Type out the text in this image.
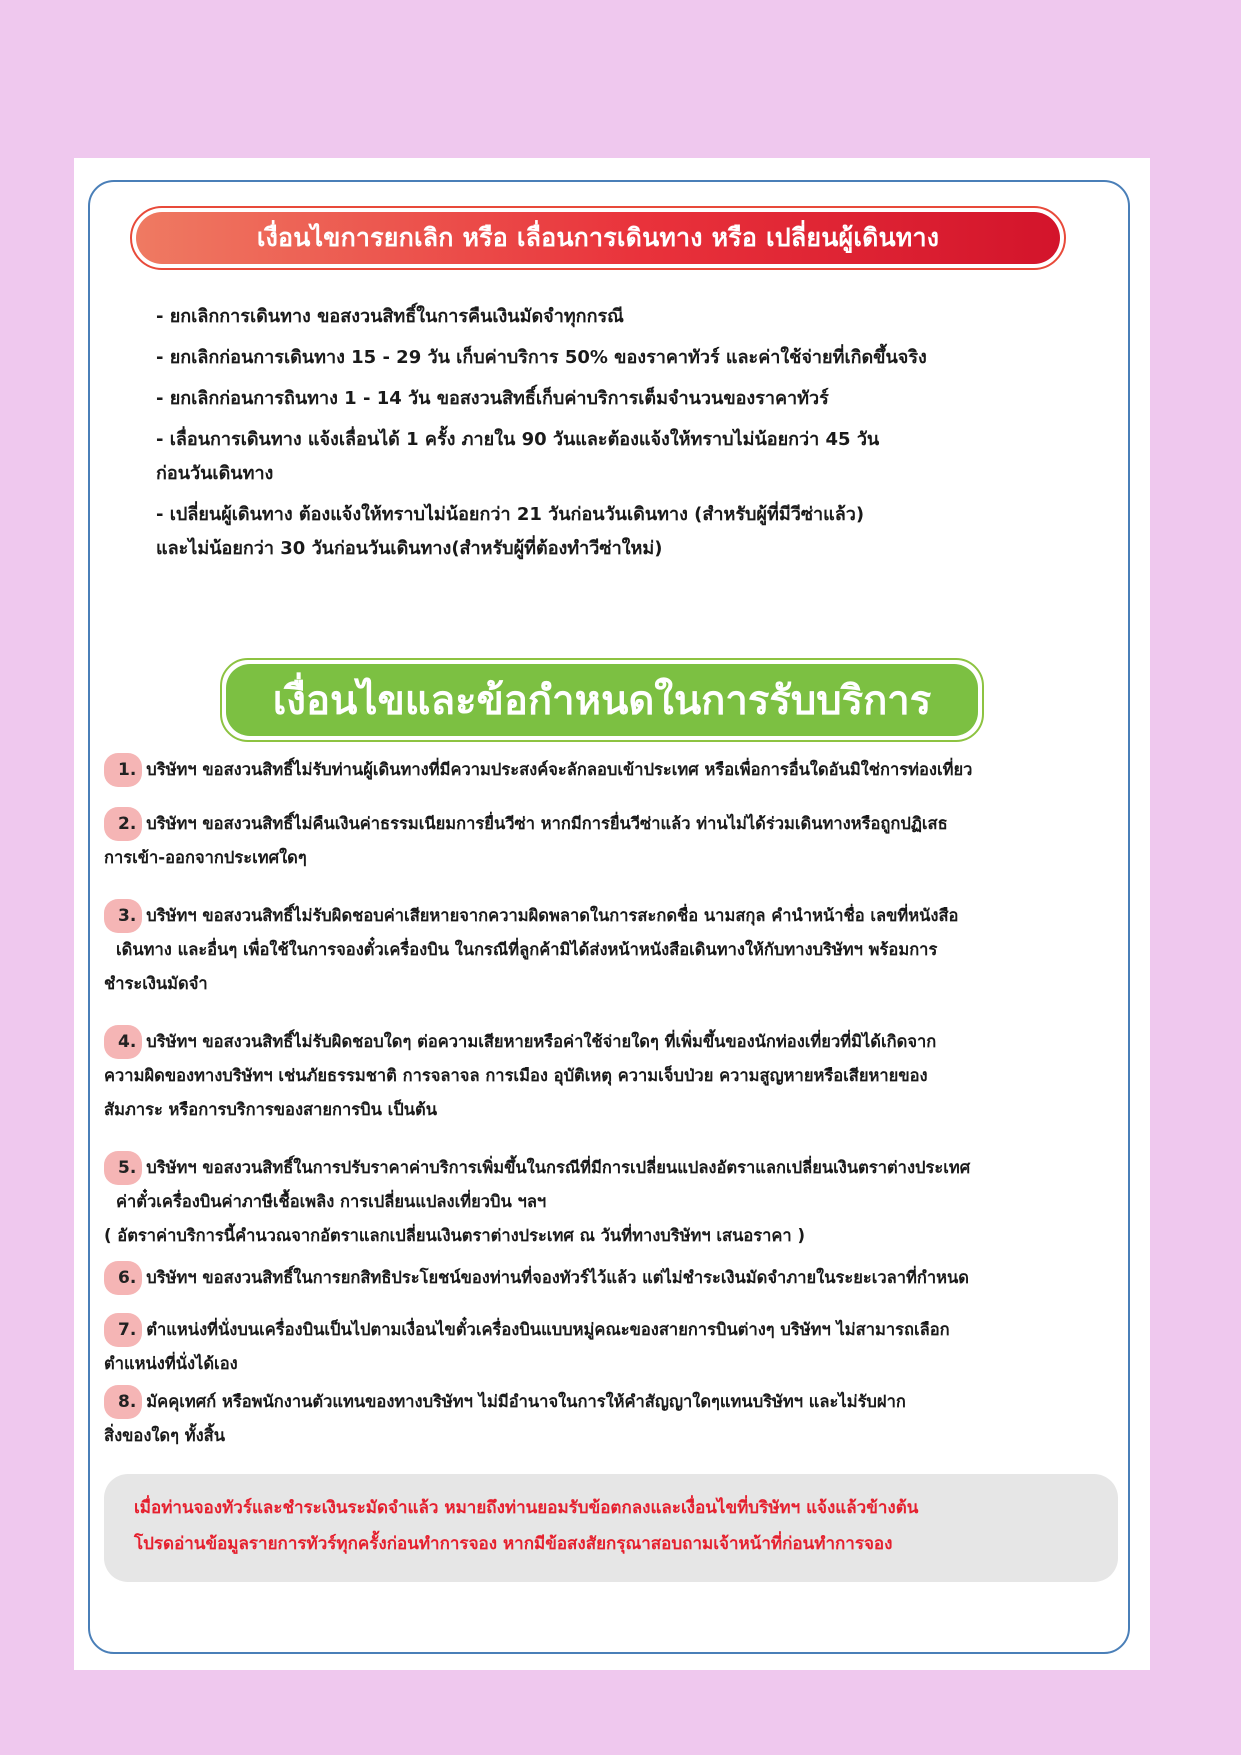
เงื่อนไขการยกเลิก หรือ เลื่อนการเดินทาง หรือ เปลี่ยนผู้เดินทาง
- ยกเลิกการเดินทาง ขอสงวนสิทธิ์ในการคืนเงินมัดจำทุกกรณี
- ยกเลิกก่อนการเดินทาง 15 - 29 วัน เก็บค่าบริการ 50% ของราคาทัวร์ และค่าใช้จ่ายที่เกิดขึ้นจริง
- ยกเลิกก่อนการถินทาง 1 - 14 วัน ขอสงวนสิทธิ์เก็บค่าบริการเต็มจำนวนของราคาทัวร์
- เลื่อนการเดินทาง แจ้งเลื่อนได้ 1 ครั้ง ภายใน 90 วันและต้องแจ้งให้ทราบไม่น้อยกว่า 45 วัน
ก่อนวันเดินทาง
- เปลี่ยนผู้เดินทาง ต้องแจ้งให้ทราบไม่น้อยกว่า 21 วันก่อนวันเดินทาง (สำหรับผู้ที่มีวีซ่าแล้ว)
และไม่น้อยกว่า 30 วันก่อนวันเดินทาง(สำหรับผู้ที่ต้องทำวีซ่าใหม่)
เงื่อนไขและข้อกำหนดในการรับบริการ
1. บริษัทฯ ขอสงวนสิทธิ์ไม่รับท่านผู้เดินทางที่มีความประสงค์จะลักลอบเข้าประเทศ หรือเพื่อการอื่นใดอันมิใช่การท่องเที่ยว
2. บริษัทฯ ขอสงวนสิทธิ์ไม่คืนเงินค่าธรรมเนียมการยื่นวีซ่า หากมีการยื่นวีซ่าแล้ว ท่านไม่ได้ร่วมเดินทางหรือถูกปฏิเสธ
การเข้า-ออกจากประเทศใดๆ
3. บริษัทฯ ขอสงวนสิทธิ์ไม่รับผิดชอบค่าเสียหายจากความผิดพลาดในการสะกดชื่อ นามสกุล คำนำหน้าชื่อ เลขที่หนังสือ
เดินทาง และอื่นๆ เพื่อใช้ในการจองตั๋วเครื่องบิน ในกรณีที่ลูกค้ามิได้ส่งหน้าหนังสือเดินทางให้กับทางบริษัทฯ พร้อมการ
ชำระเงินมัดจำ
4. บริษัทฯ ขอสงวนสิทธิ์ไม่รับผิดชอบใดๆ ต่อความเสียหายหรือค่าใช้จ่ายใดๆ ที่เพิ่มขึ้นของนักท่องเที่ยวที่มิได้เกิดจาก
ความผิดของทางบริษัทฯ เช่นภัยธรรมชาติ การจลาจล การเมือง อุบัติเหตุ ความเจ็บป่วย ความสูญหายหรือเสียหายของ
สัมภาระ หรือการบริการของสายการบิน เป็นต้น
5. บริษัทฯ ขอสงวนสิทธิ์ในการปรับราคาค่าบริการเพิ่มขึ้นในกรณีที่มีการเปลี่ยนแปลงอัตราแลกเปลี่ยนเงินตราต่างประเทศ
ค่าตั๋วเครื่องบินค่าภาษีเชื้อเพลิง การเปลี่ยนแปลงเที่ยวบิน ฯลฯ
( อัตราค่าบริการนี้คำนวณจากอัตราแลกเปลี่ยนเงินตราต่างประเทศ ณ วันที่ทางบริษัทฯ เสนอราคา )
6. บริษัทฯ ขอสงวนสิทธิ์ในการยกสิทธิประโยชน์ของท่านที่จองทัวร์ไว้แล้ว แต่ไม่ชำระเงินมัดจำภายในระยะเวลาที่กำหนด
7. ตำแหน่งที่นั่งบนเครื่องบินเป็นไปตามเงื่อนไขตั๋วเครื่องบินแบบหมู่คณะของสายการบินต่างๆ บริษัทฯ ไม่สามารถเลือก
ตำแหน่งที่นั่งได้เอง
8. มัคคุเทศก์ หรือพนักงานตัวแทนของทางบริษัทฯ ไม่มีอำนาจในการให้คำสัญญาใดๆแทนบริษัทฯ และไม่รับฝาก
สิ่งของใดๆ ทั้งสิ้น
เมื่อท่านจองทัวร์และชำระเงินระมัดจำแล้ว หมายถึงท่านยอมรับข้อตกลงและเงื่อนไขที่บริษัทฯ แจ้งแล้วข้างต้น
โปรดอ่านข้อมูลรายการทัวร์ทุกครั้งก่อนทำการจอง หากมีข้อสงสัยกรุณาสอบถามเจ้าหน้าที่ก่อนทำการจอง
